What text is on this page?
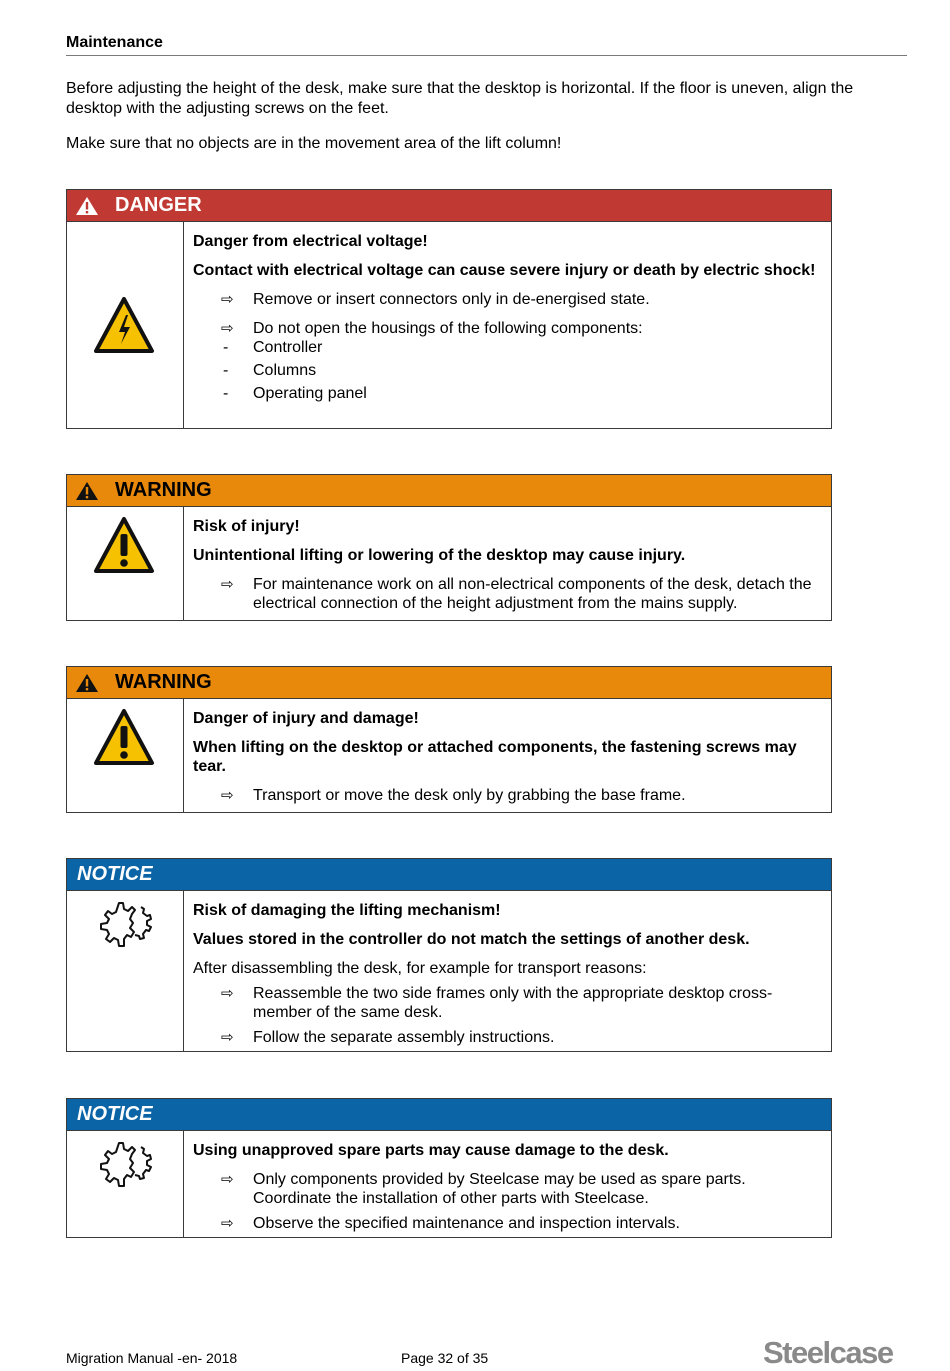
Maintenance

Before adjusting the height of the desk, make sure that the desktop is horizontal. If the floor is uneven, align the desktop with the adjusting screws on the feet.

Make sure that no objects are in the movement area of the lift column!

DANGER

Danger from electrical voltage!

Contact with electrical voltage can cause severe injury or death by electric shock!

⇨ Remove or insert connectors only in de-energised state.
⇨ Do not open the housings of the following components:
- Controller
- Columns
- Operating panel
WARNING

Risk of injury!

Unintentional lifting or lowering of the desktop may cause injury.

⇨ For maintenance work on all non-electrical components of the desk, detach the electrical connection of the height adjustment from the mains supply.
WARNING

Danger of injury and damage!

When lifting on the desktop or attached components, the fastening screws may tear.

⇨ Transport or move the desk only by grabbing the base frame.
NOTICE

Risk of damaging the lifting mechanism!

Values stored in the controller do not match the settings of another desk.

After disassembling the desk, for example for transport reasons:

⇨ Reassemble the two side frames only with the appropriate desktop cross-member of the same desk.
⇨ Follow the separate assembly instructions.
NOTICE

Using unapproved spare parts may cause damage to the desk.

⇨ Only components provided by Steelcase may be used as spare parts. Coordinate the installation of other parts with Steelcase.
⇨ Observe the specified maintenance and inspection intervals.
Migration Manual -en- 2018	Page 32 of 35	Steelcase
